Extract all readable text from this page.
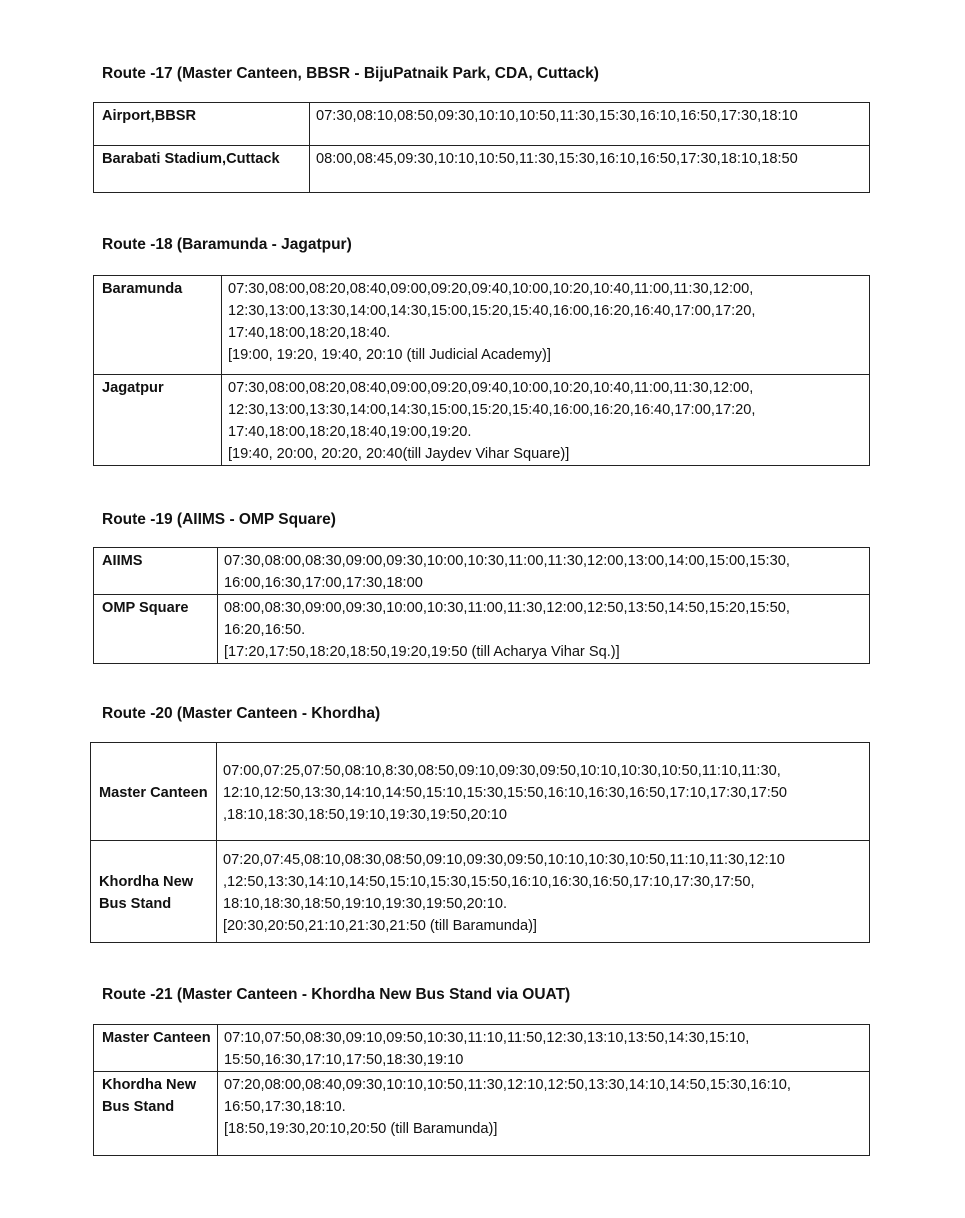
Route -17 (Master Canteen, BBSR - BijuPatnaik Park, CDA, Cuttack)
Airport,BBSR	07:30,08:10,08:50,09:30,10:10,10:50,11:30,15:30,16:10,16:50,17:30,18:10

Barabati Stadium,Cuttack	08:00,08:45,09:30,10:10,10:50,11:30,15:30,16:10,16:50,17:30,18:10,18:50
Route -18 (Baramunda - Jagatpur)
Baramunda	07:30,08:00,08:20,08:40,09:00,09:20,09:40,10:00,10:20,10:40,11:00,11:30,12:00,
12:30,13:00,13:30,14:00,14:30,15:00,15:20,15:40,16:00,16:20,16:40,17:00,17:20,
17:40,18:00,18:20,18:40.
[19:00, 19:20, 19:40, 20:10 (till Judicial Academy)]

Jagatpur	07:30,08:00,08:20,08:40,09:00,09:20,09:40,10:00,10:20,10:40,11:00,11:30,12:00,
12:30,13:00,13:30,14:00,14:30,15:00,15:20,15:40,16:00,16:20,16:40,17:00,17:20,
17:40,18:00,18:20,18:40,19:00,19:20.
[19:40, 20:00, 20:20, 20:40(till Jaydev Vihar Square)]
Route -19 (AIIMS - OMP Square)
AIIMS	07:30,08:00,08:30,09:00,09:30,10:00,10:30,11:00,11:30,12:00,13:00,14:00,15:00,15:30,
16:00,16:30,17:00,17:30,18:00

OMP Square	08:00,08:30,09:00,09:30,10:00,10:30,11:00,11:30,12:00,12:50,13:50,14:50,15:20,15:50,
16:20,16:50.
[17:20,17:50,18:20,18:50,19:20,19:50 (till Acharya Vihar Sq.)]
Route -20 (Master Canteen - Khordha)
Master Canteen	07:00,07:25,07:50,08:10,8:30,08:50,09:10,09:30,09:50,10:10,10:30,10:50,11:10,11:30,
12:10,12:50,13:30,14:10,14:50,15:10,15:30,15:50,16:10,16:30,16:50,17:10,17:30,17:50
,18:10,18:30,18:50,19:10,19:30,19:50,20:10

Khordha New Bus Stand	07:20,07:45,08:10,08:30,08:50,09:10,09:30,09:50,10:10,10:30,10:50,11:10,11:30,12:10
,12:50,13:30,14:10,14:50,15:10,15:30,15:50,16:10,16:30,16:50,17:10,17:30,17:50,
18:10,18:30,18:50,19:10,19:30,19:50,20:10.
[20:30,20:50,21:10,21:30,21:50 (till Baramunda)]
Route -21 (Master Canteen - Khordha New Bus Stand via OUAT)
Master Canteen	07:10,07:50,08:30,09:10,09:50,10:30,11:10,11:50,12:30,13:10,13:50,14:30,15:10,
15:50,16:30,17:10,17:50,18:30,19:10

Khordha New Bus Stand	07:20,08:00,08:40,09:30,10:10,10:50,11:30,12:10,12:50,13:30,14:10,14:50,15:30,16:10,
16:50,17:30,18:10.
[18:50,19:30,20:10,20:50 (till Baramunda)]
